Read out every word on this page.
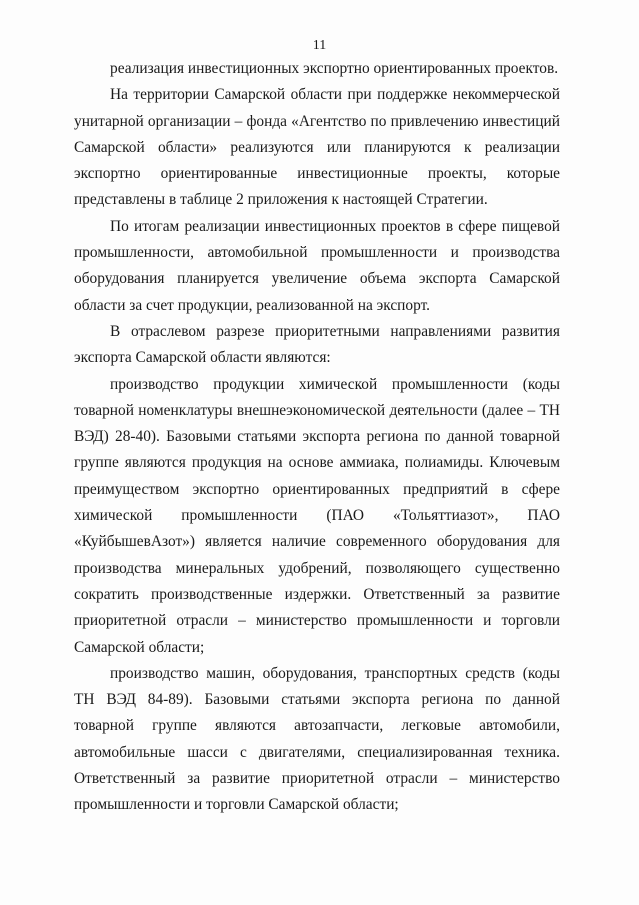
11

реализация инвестиционных экспортно ориентированных проектов.

На территории Самарской области при поддержке некоммерческой унитарной организации – фонда «Агентство по привлечению инвестиций Самарской области» реализуются или планируются к реализации экспортно ориентированные инвестиционные проекты, которые представлены в таблице 2 приложения к настоящей Стратегии.

По итогам реализации инвестиционных проектов в сфере пищевой промышленности, автомобильной промышленности и производства оборудования планируется увеличение объема экспорта Самарской области за счет продукции, реализованной на экспорт.

В отраслевом разрезе приоритетными направлениями развития экспорта Самарской области являются:

производство продукции химической промышленности (коды товарной номенклатуры внешнеэкономической деятельности (далее – ТН ВЭД) 28-40). Базовыми статьями экспорта региона по данной товарной группе являются продукция на основе аммиака, полиамиды. Ключевым преимуществом экспортно ориентированных предприятий в сфере химической промышленности (ПАО «Тольяттиазот», ПАО «КуйбышевАзот») является наличие современного оборудования для производства минеральных удобрений, позволяющего существенно сократить производственные издержки. Ответственный за развитие приоритетной отрасли – министерство промышленности и торговли Самарской области;

производство машин, оборудования, транспортных средств (коды ТН ВЭД 84-89). Базовыми статьями экспорта региона по данной товарной группе являются автозапчасти, легковые автомобили, автомобильные шасси с двигателями, специализированная техника. Ответственный за развитие приоритетной отрасли – министерство промышленности и торговли Самарской области;
